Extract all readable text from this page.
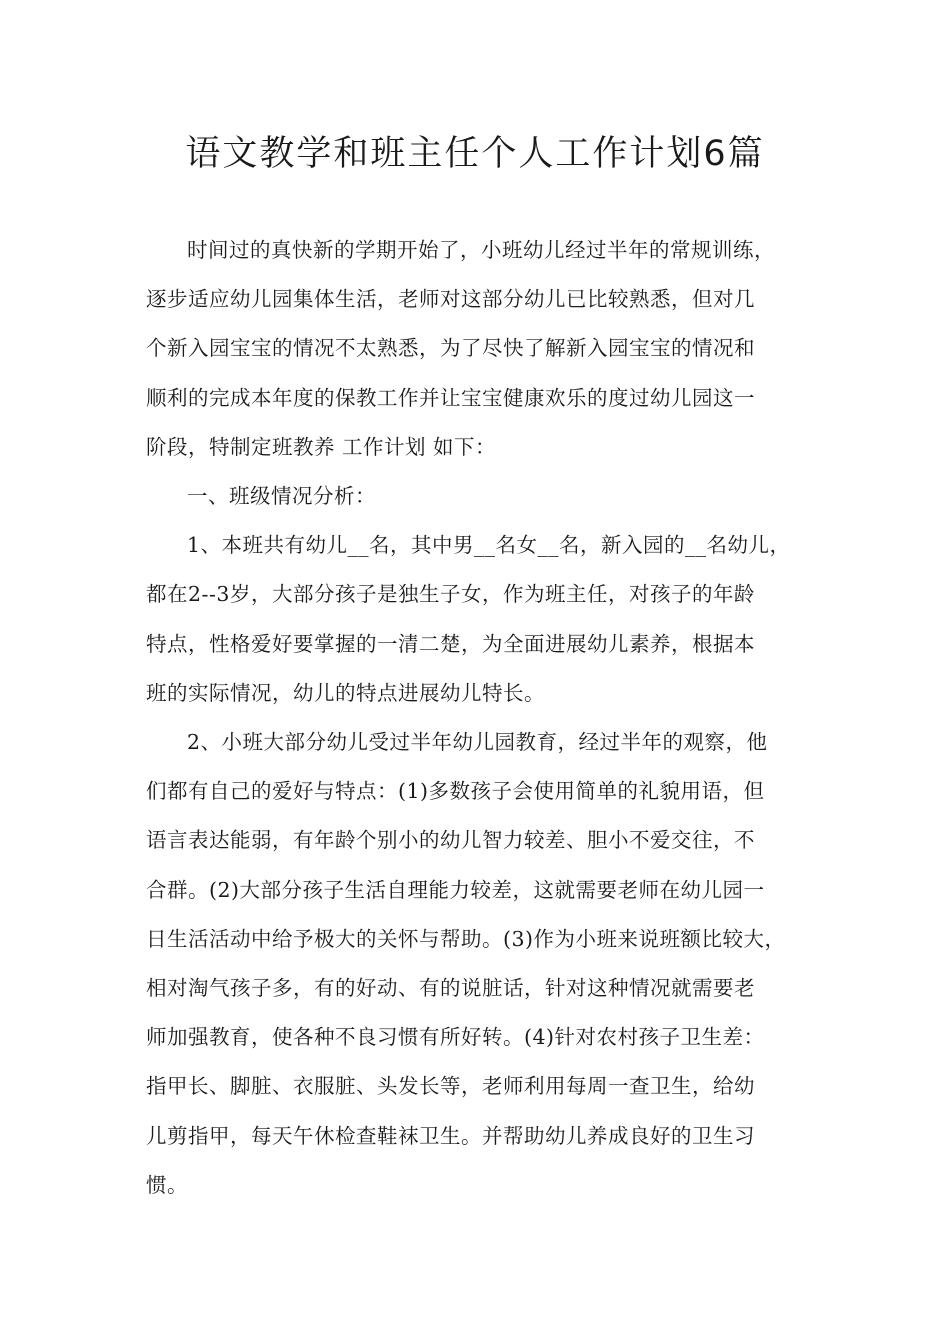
语文教学和班主任个人工作计划6篇

时间过的真快新的学期开始了，小班幼儿经过半年的常规训练，
逐步适应幼儿园集体生活，老师对这部分幼儿已比较熟悉，但对几
个新入园宝宝的情况不太熟悉，为了尽快了解新入园宝宝的情况和
顺利的完成本年度的保教工作并让宝宝健康欢乐的度过幼儿园这一
阶段，特制定班教养 工作计划 如下：

一、班级情况分析：

1、本班共有幼儿__名，其中男__名女__名，新入园的__名幼儿，
都在2--3岁，大部分孩子是独生子女，作为班主任，对孩子的年龄
特点，性格爱好要掌握的一清二楚，为全面进展幼儿素养，根据本
班的实际情况，幼儿的特点进展幼儿特长。

2、小班大部分幼儿受过半年幼儿园教育，经过半年的观察，他
们都有自己的爱好与特点：(1)多数孩子会使用简单的礼貌用语，但
语言表达能弱，有年龄个别小的幼儿智力较差、胆小不爱交往，不
合群。(2)大部分孩子生活自理能力较差，这就需要老师在幼儿园一
日生活活动中给予极大的关怀与帮助。(3)作为小班来说班额比较大，
相对淘气孩子多，有的好动、有的说脏话，针对这种情况就需要老
师加强教育，使各种不良习惯有所好转。(4)针对农村孩子卫生差：
指甲长、脚脏、衣服脏、头发长等，老师利用每周一查卫生，给幼
儿剪指甲，每天午休检查鞋袜卫生。并帮助幼儿养成良好的卫生习
惯。
